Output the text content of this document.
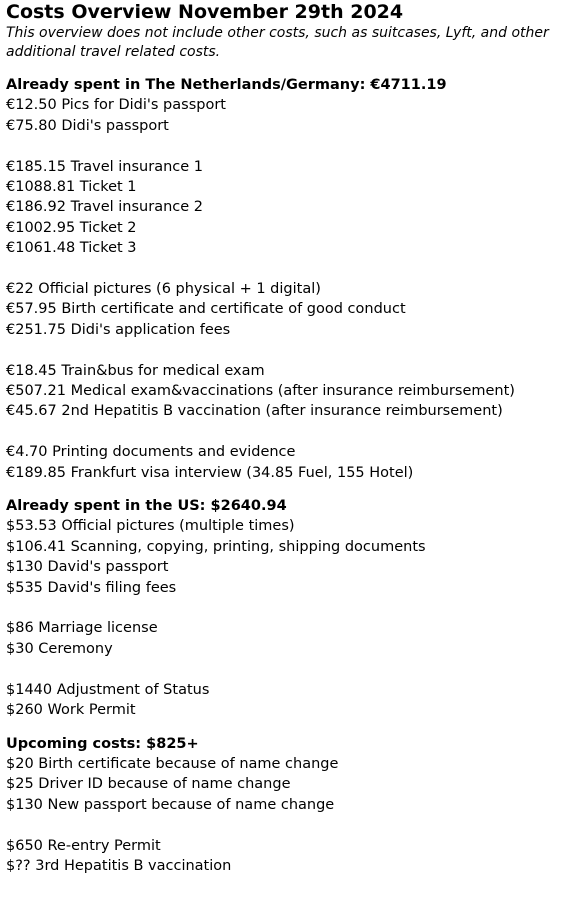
Costs Overview November 29th 2024

This overview does not include other costs, such as suitcases, Lyft, and other additional travel related costs.

Already spent in The Netherlands/Germany: €4711.19
€12.50 Pics for Didi's passport
€75.80 Didi's passport
€185.15 Travel insurance 1
€1088.81 Ticket 1
€186.92 Travel insurance 2
€1002.95 Ticket 2
€1061.48 Ticket 3
€22 Official pictures (6 physical + 1 digital)
€57.95 Birth certificate and certificate of good conduct
€251.75 Didi's application fees
€18.45 Train&bus for medical exam
€507.21 Medical exam&vaccinations (after insurance reimbursement)
€45.67 2nd Hepatitis B vaccination (after insurance reimbursement)
€4.70 Printing documents and evidence
€189.85 Frankfurt visa interview (34.85 Fuel, 155 Hotel)
Already spent in the US: $2640.94
$53.53 Official pictures (multiple times)
$106.41 Scanning, copying, printing, shipping documents
$130 David's passport
$535 David's filing fees
$86 Marriage license
$30 Ceremony
$1440 Adjustment of Status
$260 Work Permit
Upcoming costs: $825+
$20 Birth certificate because of name change
$25 Driver ID because of name change
$130 New passport because of name change
$650 Re-entry Permit
$?? 3rd Hepatitis B vaccination
